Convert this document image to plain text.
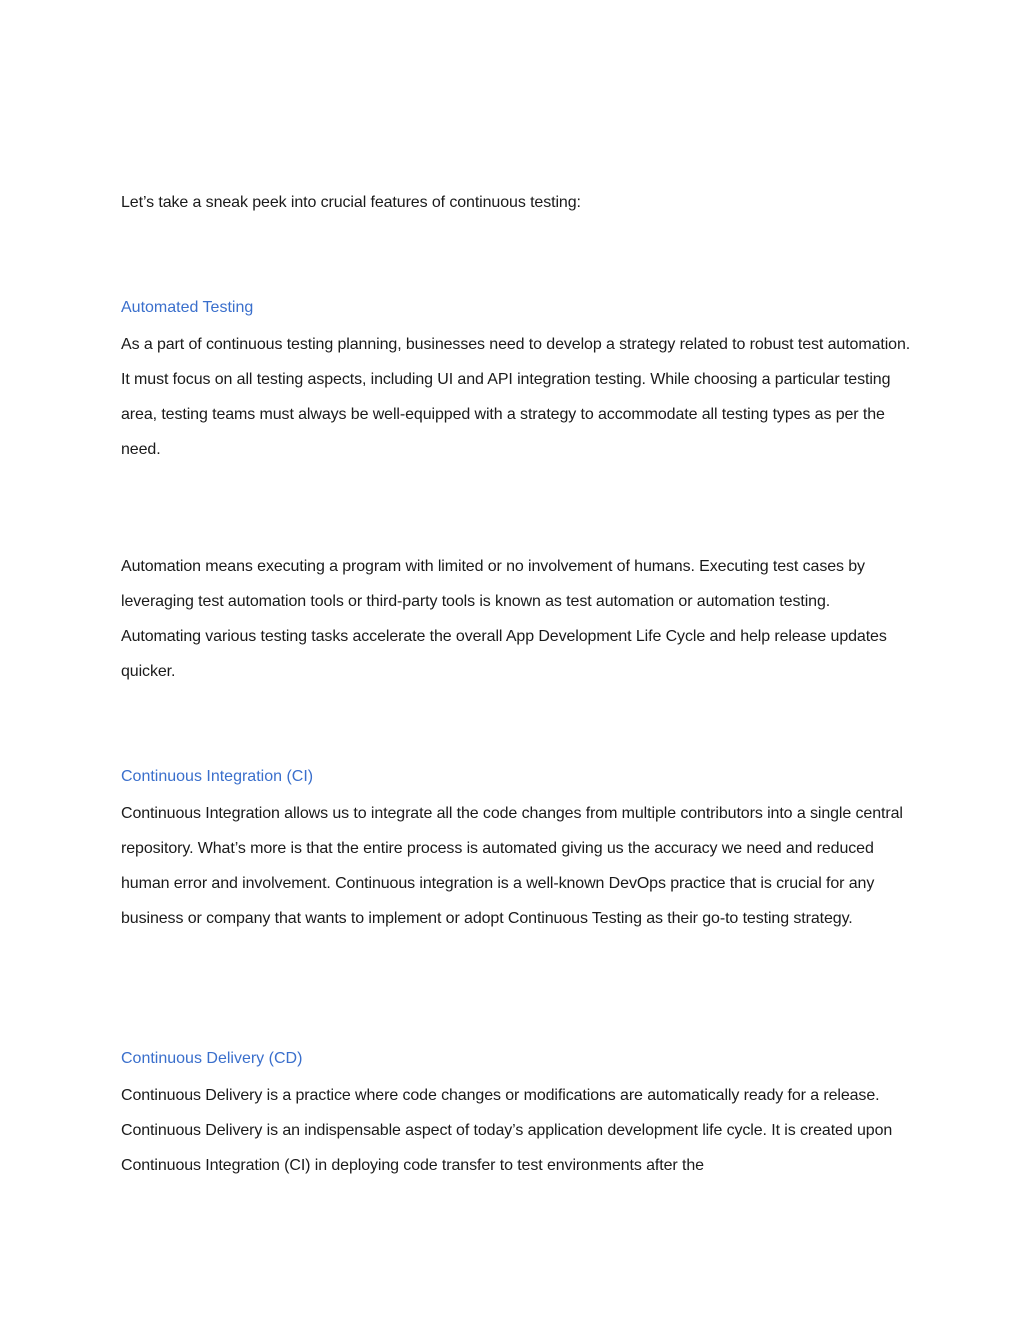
Let’s take a sneak peek into crucial features of continuous testing:

Automated Testing

As a part of continuous testing planning, businesses need to develop a strategy related to robust test automation. It must focus on all testing aspects, including UI and API integration testing. While choosing a particular testing area, testing teams must always be well-equipped with a strategy to accommodate all testing types as per the need.

Automation means executing a program with limited or no involvement of humans. Executing test cases by leveraging test automation tools or third-party tools is known as test automation or automation testing. Automating various testing tasks accelerate the overall App Development Life Cycle and help release updates quicker.

Continuous Integration (CI)

Continuous Integration allows us to integrate all the code changes from multiple contributors into a single central repository. What’s more is that the entire process is automated giving us the accuracy we need and reduced human error and involvement. Continuous integration is a well-known DevOps practice that is crucial for any business or company that wants to implement or adopt Continuous Testing as their go-to testing strategy.

Continuous Delivery (CD)

Continuous Delivery is a practice where code changes or modifications are automatically ready for a release. Continuous Delivery is an indispensable aspect of today’s application development life cycle. It is created upon Continuous Integration (CI) in deploying code transfer to test environments after the
